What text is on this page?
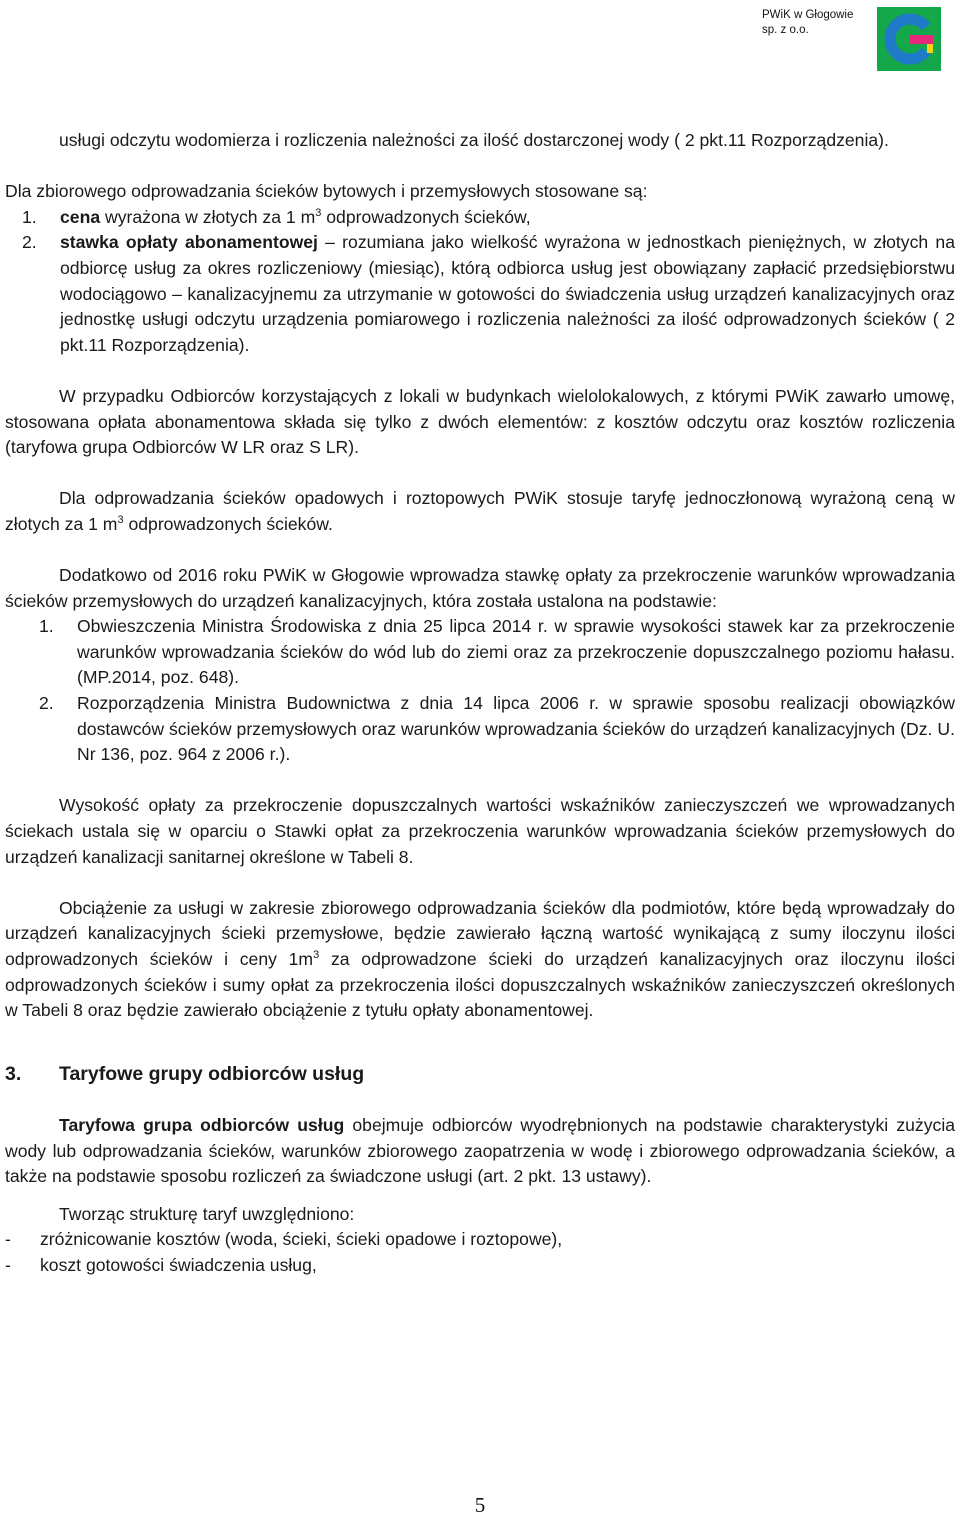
PWiK w Głogowie
sp. z o.o.

usługi odczytu wodomierza i rozliczenia należności za ilość dostarczonej wody ( 2 pkt.11 Rozporządzenia).

Dla zbiorowego odprowadzania ścieków bytowych i przemysłowych stosowane są:

1. cena wyrażona w złotych za 1 $m^3$ odprowadzonych ścieków,
2. stawka opłaty abonamentowej – rozumiana jako wielkość wyrażona w jednostkach pieniężnych, w złotych na odbiorcę usług za okres rozliczeniowy (miesiąc), którą odbiorca usług jest obowiązany zapłacić przedsiębiorstwu wodociągowo – kanalizacyjnemu za utrzymanie w gotowości do świadczenia usług urządzeń kanalizacyjnych oraz jednostkę usługi odczytu urządzenia pomiarowego i rozliczenia należności za ilość odprowadzonych ścieków ( 2 pkt.11 Rozporządzenia).

W przypadku Odbiorców korzystających z lokali w budynkach wielolokalowych, z którymi PWiK zawarło umowę, stosowana opłata abonamentowa składa się tylko z dwóch elementów: z kosztów odczytu oraz kosztów rozliczenia (taryfowa grupa Odbiorców W LR oraz S LR).

Dla odprowadzania ścieków opadowych i roztopowych PWiK stosuje taryfę jednoczłonową wyrażoną ceną w złotych za 1 $m^3$ odprowadzonych ścieków.

Dodatkowo od 2016 roku PWiK w Głogowie wprowadza stawkę opłaty za przekroczenie warunków wprowadzania ścieków przemysłowych do urządzeń kanalizacyjnych, która została ustalona na podstawie:

1. Obwieszczenia Ministra Środowiska z dnia 25 lipca 2014 r. w sprawie wysokości stawek kar za przekroczenie warunków wprowadzania ścieków do wód lub do ziemi oraz za przekroczenie dopuszczalnego poziomu hałasu. (MP.2014, poz. 648).
2. Rozporządzenia Ministra Budownictwa z dnia 14 lipca 2006 r. w sprawie sposobu realizacji obowiązków dostawców ścieków przemysłowych oraz warunków wprowadzania ścieków do urządzeń kanalizacyjnych (Dz. U. Nr 136, poz. 964 z 2006 r.).

Wysokość opłaty za przekroczenie dopuszczalnych wartości wskaźników zanieczyszczeń we wprowadzanych ściekach ustala się w oparciu o Stawki opłat za przekroczenia warunków wprowadzania ścieków przemysłowych do urządzeń kanalizacji sanitarnej określone w Tabeli 8.

Obciążenie za usługi w zakresie zbiorowego odprowadzania ścieków dla podmiotów, które będą wprowadzały do urządzeń kanalizacyjnych ścieki przemysłowe, będzie zawierało łączną wartość wynikającą z sumy iloczynu ilości odprowadzonych ścieków i ceny $1m^3$ za odprowadzone ścieki do urządzeń kanalizacyjnych oraz iloczynu ilości odprowadzonych ścieków i sumy opłat za przekroczenia ilości dopuszczalnych wskaźników zanieczyszczeń określonych w Tabeli 8 oraz będzie zawierało obciążenie z tytułu opłaty abonamentowej.

3. Taryfowe grupy odbiorców usług

Taryfowa grupa odbiorców usług obejmuje odbiorców wyodrębnionych na podstawie charakterystyki zużycia wody lub odprowadzania ścieków, warunków zbiorowego zaopatrzenia w wodę i zbiorowego odprowadzania ścieków, a także na podstawie sposobu rozliczeń za świadczone usługi (art. 2 pkt. 13 ustawy).

Tworząc strukturę taryf uwzględniono:

- zróżnicowanie kosztów (woda, ścieki, ścieki opadowe i roztopowe),
- koszt gotowości świadczenia usług,
5
